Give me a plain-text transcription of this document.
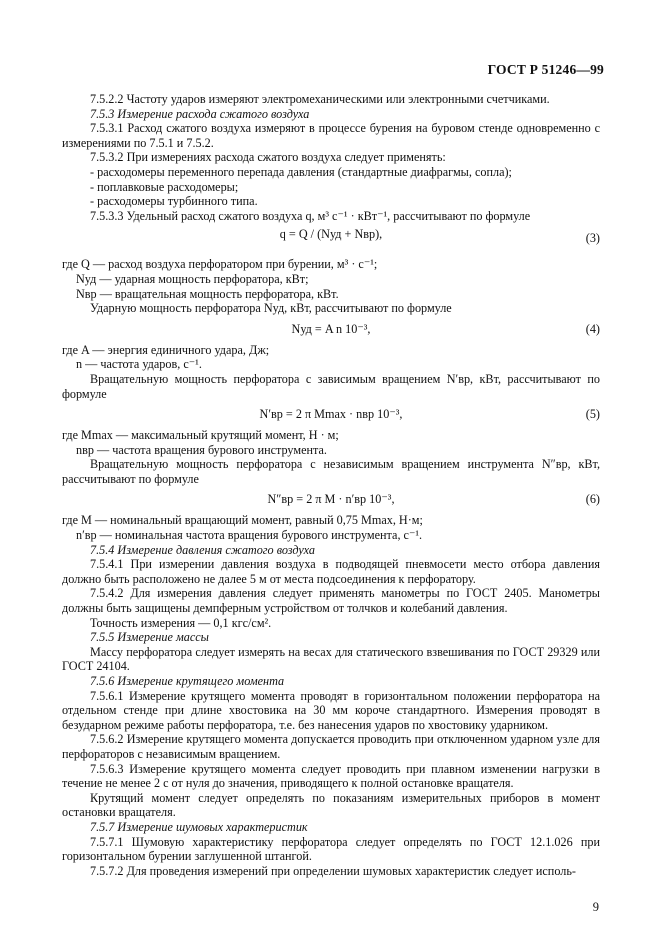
ГОСТ Р 51246—99

7.5.2.2 Частоту ударов измеряют электромеханическими или электронными счетчиками.

7.5.3 Измерение расхода сжатого воздуха

7.5.3.1 Расход сжатого воздуха измеряют в процессе бурения на буровом стенде одновременно с измерениями по 7.5.1 и 7.5.2.

7.5.3.2 При измерениях расхода сжатого воздуха следует применять:

- расходомеры переменного перепада давления (стандартные диафрагмы, сопла);

- поплавковые расходомеры;

- расходомеры турбинного типа.

7.5.3.3 Удельный расход сжатого воздуха q, м³ с⁻¹ · кВт⁻¹, рассчитывают по формуле

q = Q / (Nуд + Nвр),	(3)

где Q — расход воздуха перфоратором при бурении, м³ · с⁻¹;

Nуд — ударная мощность перфоратора, кВт;

Nвр — вращательная мощность перфоратора, кВт.

Ударную мощность перфоратора Nуд, кВт, рассчитывают по формуле

Nуд = A n 10⁻³,	(4)

где A — энергия единичного удара, Дж;

n — частота ударов, с⁻¹.

Вращательную мощность перфоратора с зависимым вращением N′вр, кВт, рассчитывают по формуле

N′вр = 2 π Mmax · nвр 10⁻³,	(5)

где Mmax — максимальный крутящий момент, Н · м;

nвр — частота вращения бурового инструмента.

Вращательную мощность перфоратора с независимым вращением инструмента N″вр, кВт, рассчитывают по формуле

N″вр = 2 π M · n′вр 10⁻³,	(6)

где M — номинальный вращающий момент, равный 0,75 Mmax, Н·м;

n′вр — номинальная частота вращения бурового инструмента, с⁻¹.

7.5.4 Измерение давления сжатого воздуха

7.5.4.1 При измерении давления воздуха в подводящей пневмосети место отбора давления должно быть расположено не далее 5 м от места подсоединения к перфоратору.

7.5.4.2 Для измерения давления следует применять манометры по ГОСТ 2405. Манометры должны быть защищены демпферным устройством от толчков и колебаний давления.

Точность измерения — 0,1 кгс/см².

7.5.5 Измерение массы

Массу перфоратора следует измерять на весах для статического взвешивания по ГОСТ 29329 или ГОСТ 24104.

7.5.6 Измерение крутящего момента

7.5.6.1 Измерение крутящего момента проводят в горизонтальном положении перфоратора на отдельном стенде при длине хвостовика на 30 мм короче стандартного. Измерения проводят в безударном режиме работы перфоратора, т.е. без нанесения ударов по хвостовику ударником.

7.5.6.2 Измерение крутящего момента допускается проводить при отключенном ударном узле для перфораторов с независимым вращением.

7.5.6.3 Измерение крутящего момента следует проводить при плавном изменении нагрузки в течение не менее 2 с от нуля до значения, приводящего к полной остановке вращателя.

Крутящий момент следует определять по показаниям измерительных приборов в момент остановки вращателя.

7.5.7 Измерение шумовых характеристик

7.5.7.1 Шумовую характеристику перфоратора следует определять по ГОСТ 12.1.026 при горизонтальном бурении заглушенной штангой.

7.5.7.2 Для проведения измерений при определении шумовых характеристик следует исполь-

9
